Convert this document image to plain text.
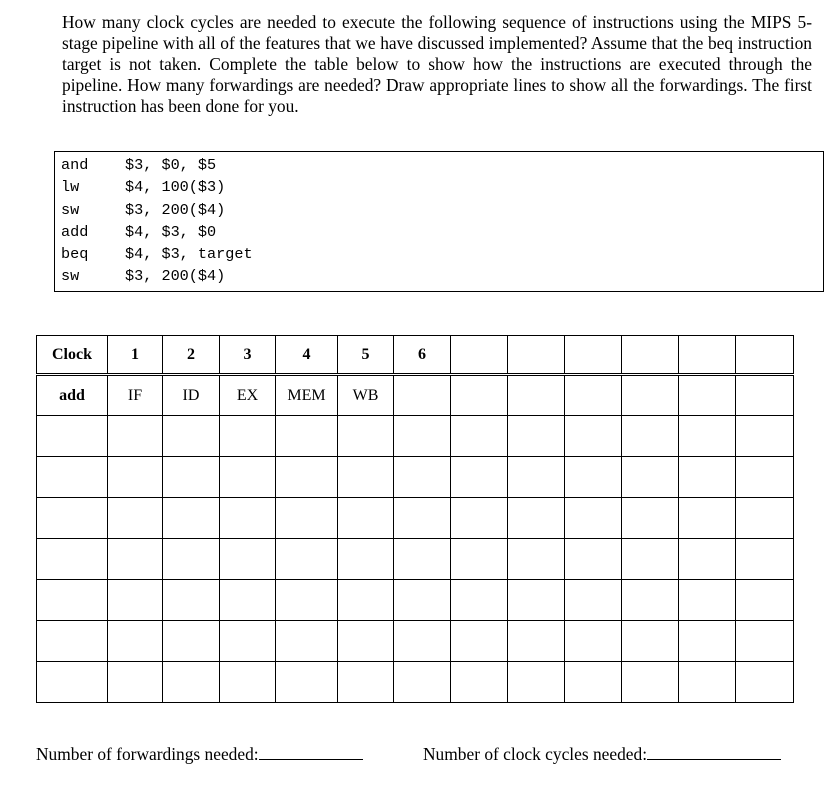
How many clock cycles are needed to execute the following sequence of instructions using the MIPS 5-stage pipeline with all of the features that we have discussed implemented? Assume that the beq instruction target is not taken. Complete the table below to show how the instructions are executed through the pipeline. How many forwardings are needed? Draw appropriate lines to show all the forwardings. The first instruction has been done for you.

and $3, $0, $5
lw	$4, 100($3)
sw	$3, 200($4)
add $4, $3, $0
beq $4, $3, target
sw	$3, 200($4)
Clock	1	2	3	4	5	6						
add	IF	ID	EX	MEM	WB							

Number of forwardings needed:	Number of clock cycles needed:
